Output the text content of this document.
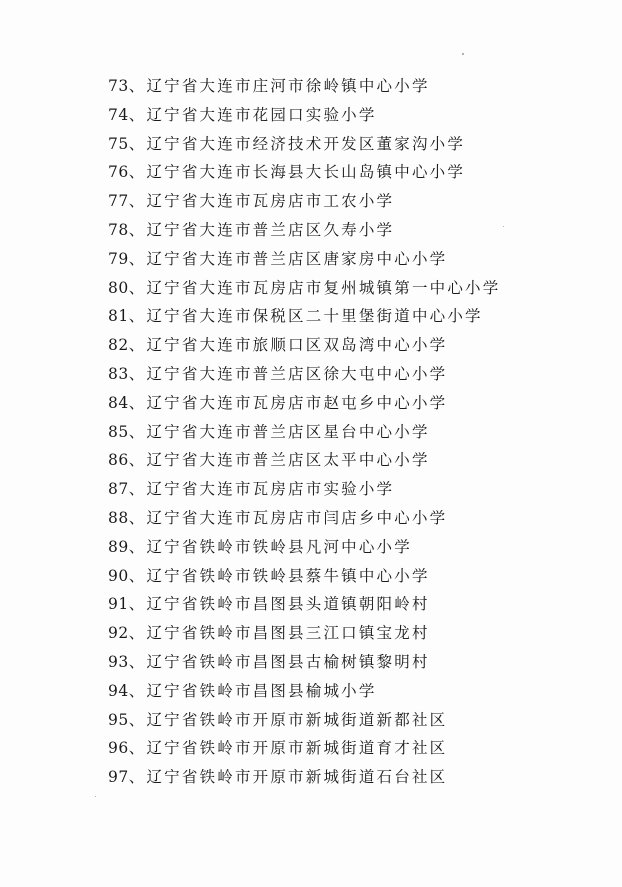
73、辽宁省大连市庄河市徐岭镇中心小学
74、辽宁省大连市花园口实验小学
75、辽宁省大连市经济技术开发区董家沟小学
76、辽宁省大连市长海县大长山岛镇中心小学
77、辽宁省大连市瓦房店市工农小学
78、辽宁省大连市普兰店区久寿小学
79、辽宁省大连市普兰店区唐家房中心小学
80、辽宁省大连市瓦房店市复州城镇第一中心小学
81、辽宁省大连市保税区二十里堡街道中心小学
82、辽宁省大连市旅顺口区双岛湾中心小学
83、辽宁省大连市普兰店区徐大屯中心小学
84、辽宁省大连市瓦房店市赵屯乡中心小学
85、辽宁省大连市普兰店区星台中心小学
86、辽宁省大连市普兰店区太平中心小学
87、辽宁省大连市瓦房店市实验小学
88、辽宁省大连市瓦房店市闫店乡中心小学
89、辽宁省铁岭市铁岭县凡河中心小学
90、辽宁省铁岭市铁岭县蔡牛镇中心小学
91、辽宁省铁岭市昌图县头道镇朝阳岭村
92、辽宁省铁岭市昌图县三江口镇宝龙村
93、辽宁省铁岭市昌图县古榆树镇黎明村
94、辽宁省铁岭市昌图县榆城小学
95、辽宁省铁岭市开原市新城街道新都社区
96、辽宁省铁岭市开原市新城街道育才社区
97、辽宁省铁岭市开原市新城街道石台社区
